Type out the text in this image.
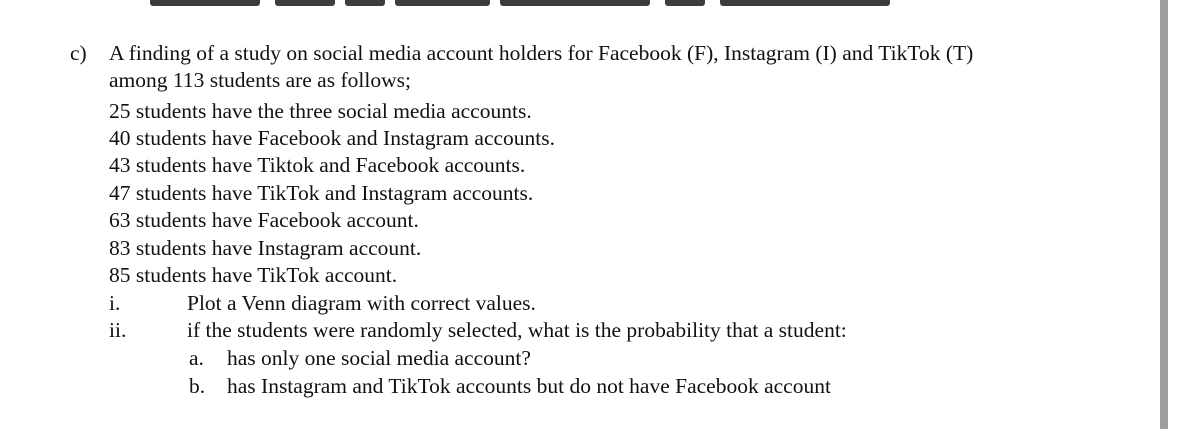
c) A finding of a study on social media account holders for Facebook (F), Instagram (I) and TikTok (T)
among 113 students are as follows;
25 students have the three social media accounts.
40 students have Facebook and Instagram accounts.
43 students have Tiktok and Facebook accounts.
47 students have TikTok and Instagram accounts.
63 students have Facebook account.
83 students have Instagram account.
85 students have TikTok account.
i.	Plot a Venn diagram with correct values.
ii.	if the students were randomly selected, what is the probability that a student:
a. has only one social media account?
b. has Instagram and TikTok accounts but do not have Facebook account
